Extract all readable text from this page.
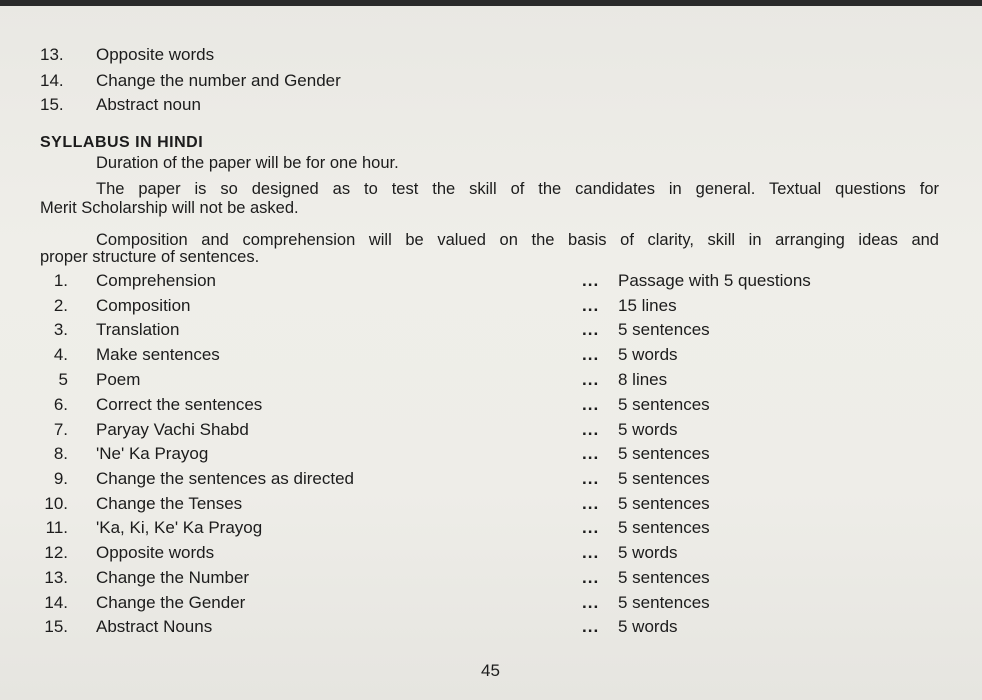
13.	Opposite words
14.	Change the number and Gender
15.	Abstract noun
SYLLABUS IN HINDI
Duration of the paper will be for one hour.
The paper is so designed as to test the skill of the candidates in general. Textual questions for
Merit Scholarship will not be asked.
Composition and comprehension will be valued on the basis of clarity, skill in arranging ideas and
proper structure of sentences.
1. Comprehension	... Passage with 5 questions
2. Composition	... 15 lines
3. Translation	... 5 sentences
4. Make sentences	... 5 words
5 Poem	... 8 lines
6. Correct the sentences	... 5 sentences
7. Paryay Vachi Shabd	... 5 words
8. 'Ne' Ka Prayog	... 5 sentences
9. Change the sentences as directed	... 5 sentences
10. Change the Tenses	... 5 sentences
11. 'Ka, Ki, Ke' Ka Prayog	... 5 sentences
12. Opposite words	... 5 words
13. Change the Number	... 5 sentences
14. Change the Gender	... 5 sentences
15. Abstract Nouns	... 5 words
45
